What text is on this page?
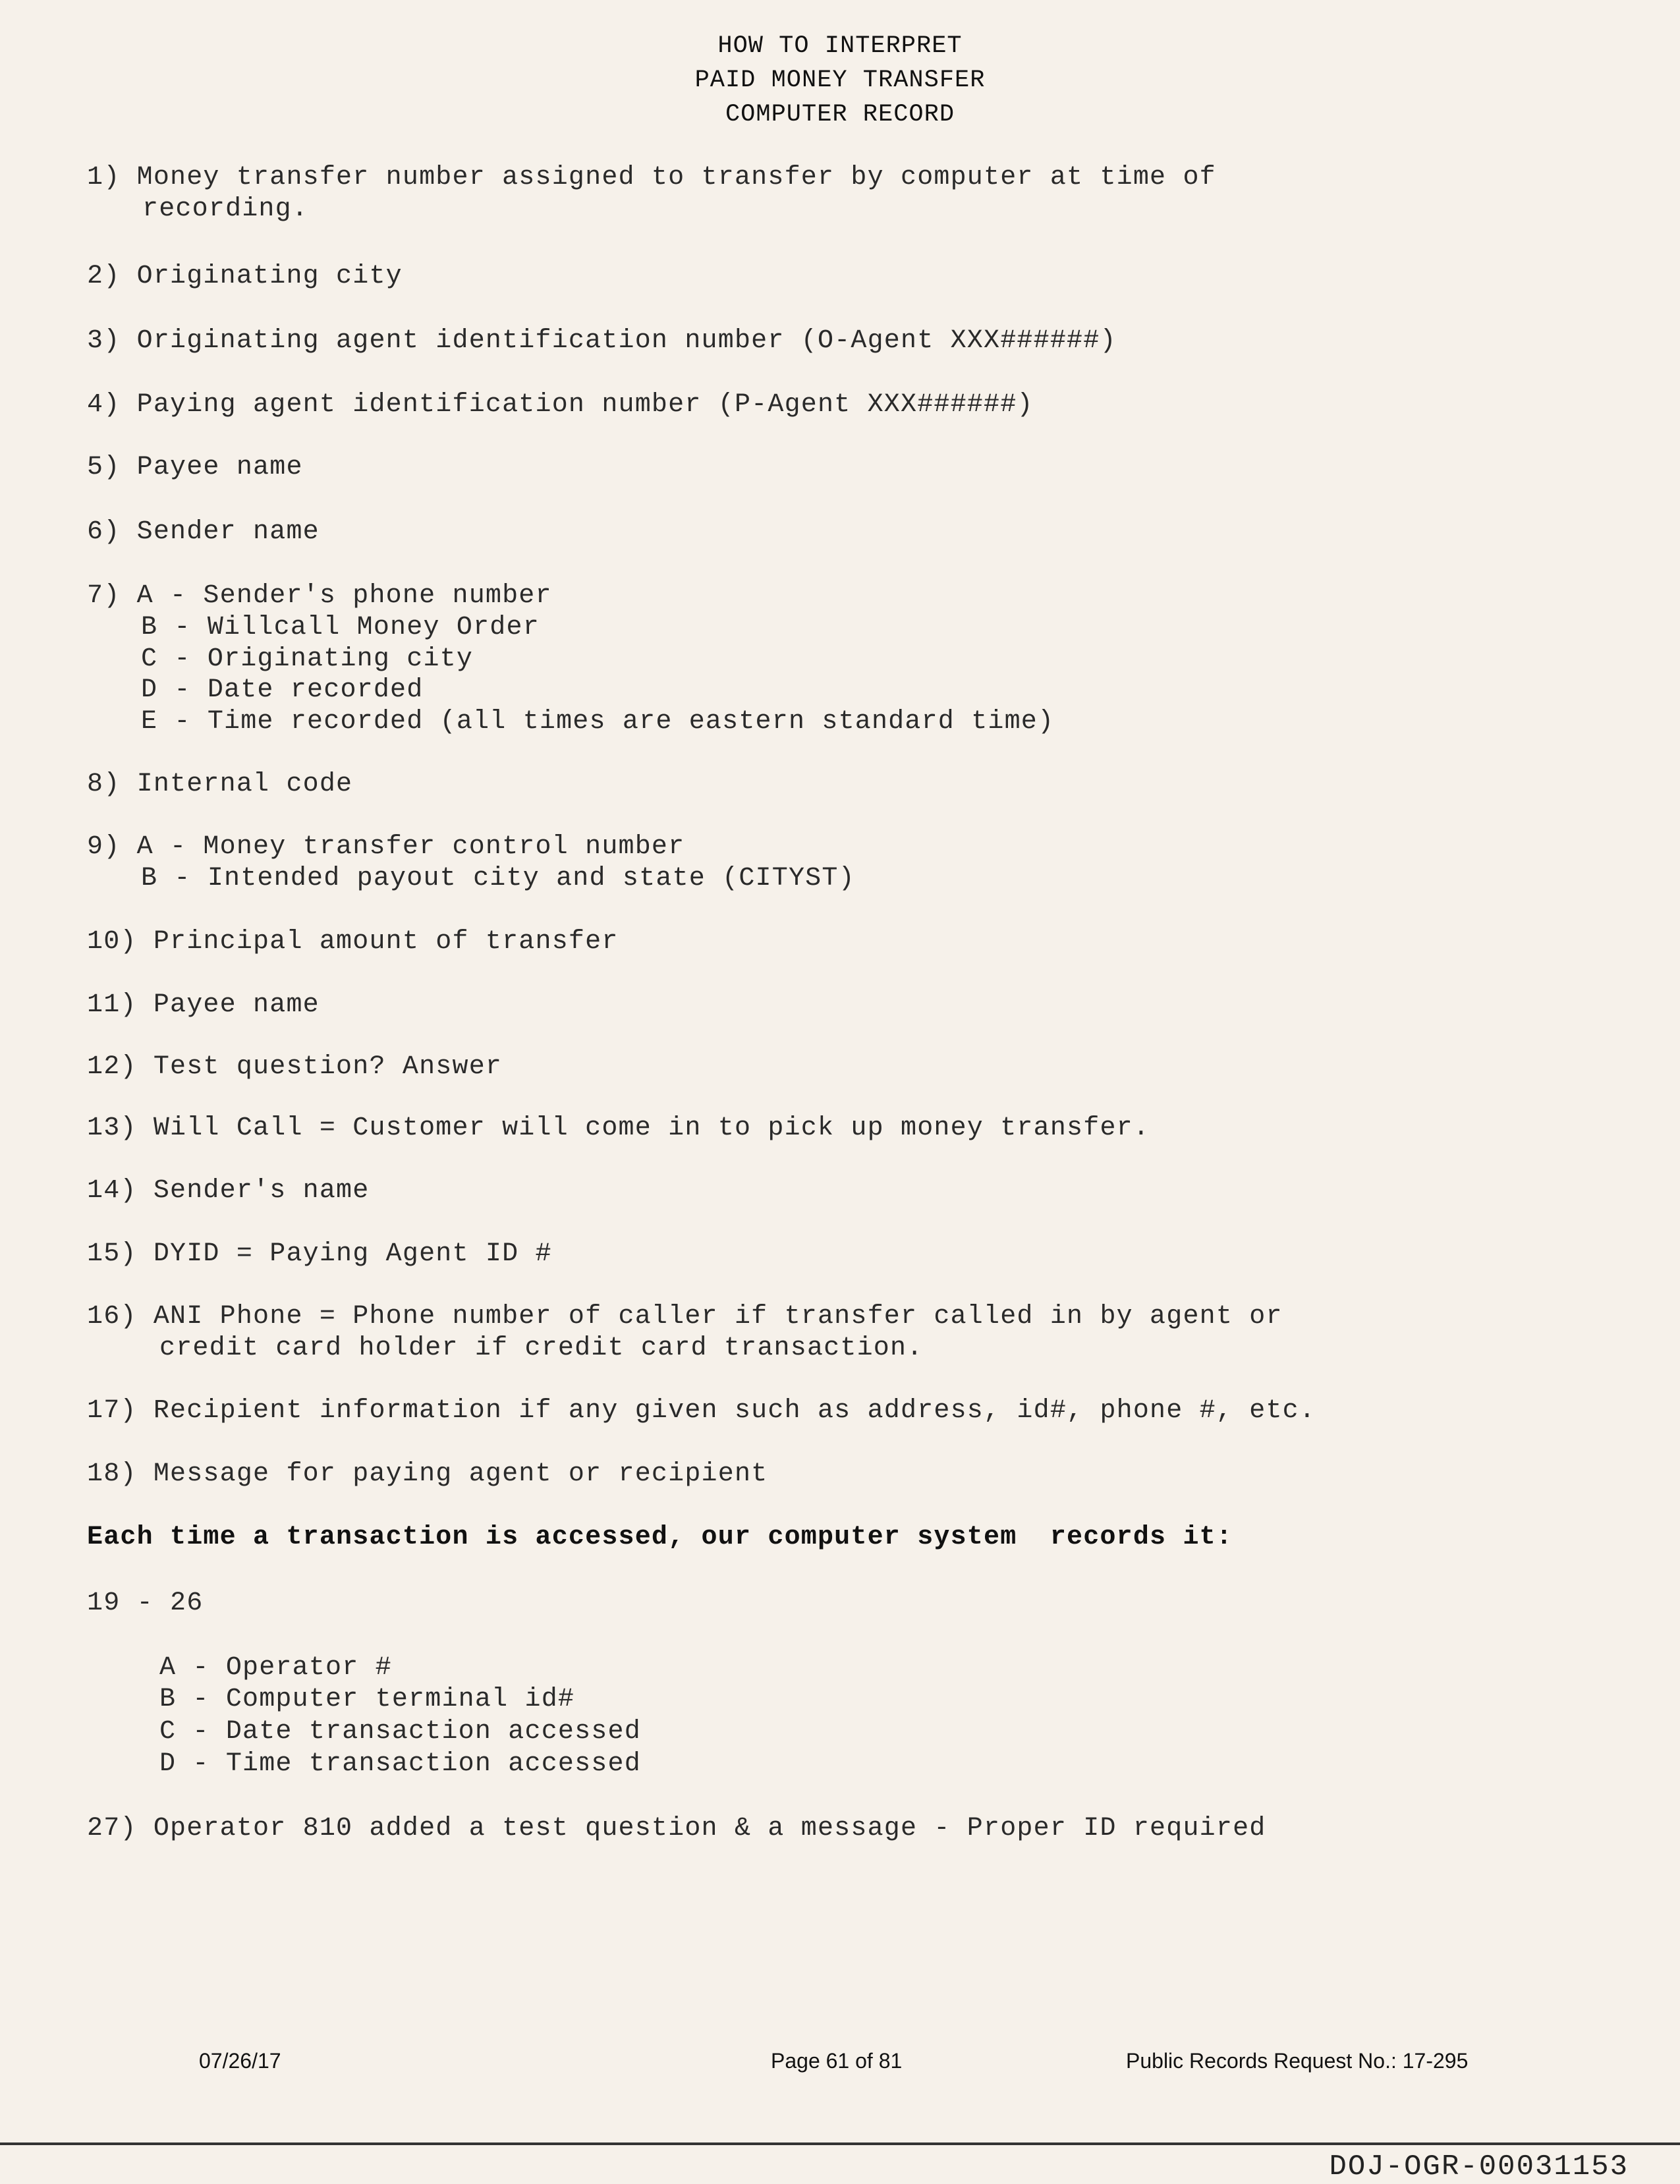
HOW TO INTERPRET
PAID MONEY TRANSFER
COMPUTER RECORD
1) Money transfer number assigned to transfer by computer at time of
recording.
2) Originating city
3) Originating agent identification number (O-Agent XXX######)
4) Paying agent identification number (P-Agent XXX######)
5) Payee name
6) Sender name
7) A - Sender's phone number
B - Willcall Money Order
C - Originating city
D - Date recorded
E - Time recorded (all times are eastern standard time)
8) Internal code
9) A - Money transfer control number
B - Intended payout city and state (CITYST)
10) Principal amount of transfer
11) Payee name
12) Test question? Answer
13) Will Call = Customer will come in to pick up money transfer.
14) Sender's name
15) DYID = Paying Agent ID #
16) ANI Phone = Phone number of caller if transfer called in by agent or
credit card holder if credit card transaction.
17) Recipient information if any given such as address, id#, phone #, etc.
18) Message for paying agent or recipient
Each time a transaction is accessed, our computer system  records it:
19 - 26
A - Operator #
B - Computer terminal id#
C - Date transaction accessed
D - Time transaction accessed
27) Operator 810 added a test question & a message - Proper ID required
07/26/17	Page 61 of 81	Public Records Request No.: 17-295
DOJ-OGR-00031153
